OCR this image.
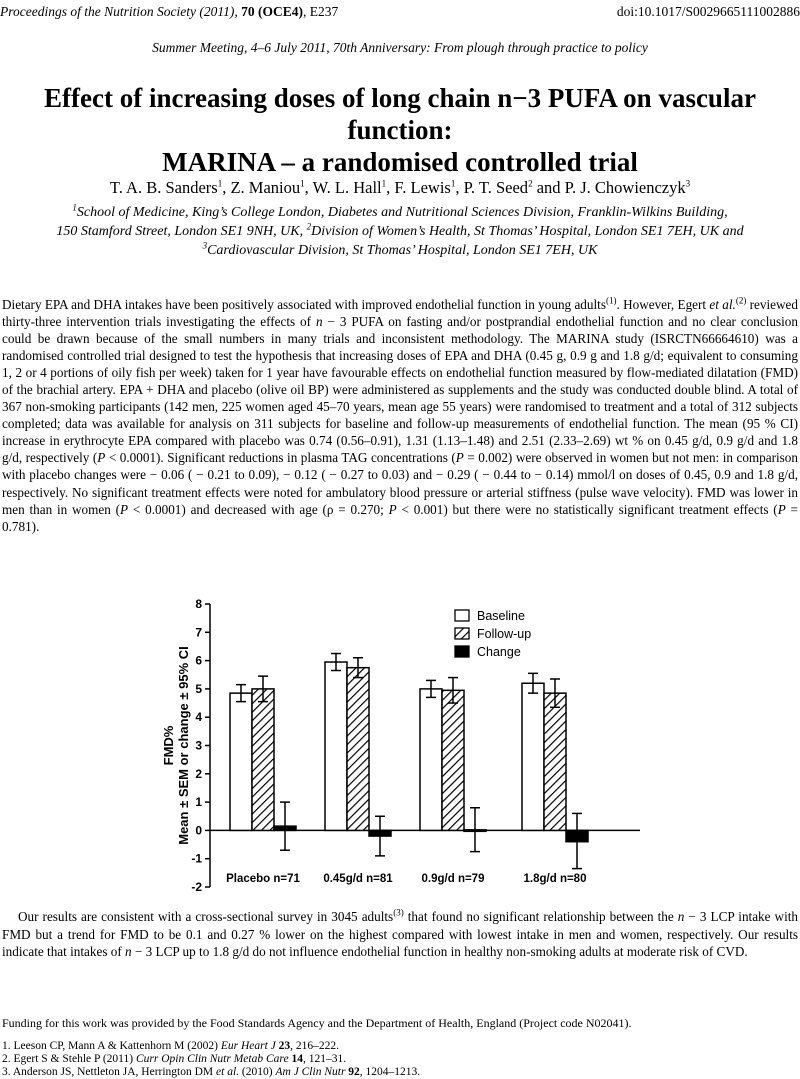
Proceedings of the Nutrition Society (2011), 70 (OCE4), E237	doi:10.1017/S0029665111002886
Summer Meeting, 4–6 July 2011, 70th Anniversary: From plough through practice to policy
Effect of increasing doses of long chain n−3 PUFA on vascular function:
MARINA – a randomised controlled trial
T. A. B. Sanders$^1$, Z. Maniou$^1$, W. L. Hall$^1$, F. Lewis$^1$, P. T. Seed$^2$ and P. J. Chowienczyk$^3$
$^1$School of Medicine, King’s College London, Diabetes and Nutritional Sciences Division, Franklin-Wilkins Building,
150 Stamford Street, London SE1 9NH, UK, $^2$Division of Women’s Health, St Thomas’ Hospital, London SE1 7EH, UK and
$^3$Cardiovascular Division, St Thomas’ Hospital, London SE1 7EH, UK

Dietary EPA and DHA intakes have been positively associated with improved endothelial function in young adults$^{(1)}$. However, Egert et al.$^{(2)}$ reviewed thirty-three intervention trials investigating the effects of n − 3 PUFA on fasting and/or postprandial endothelial function and no clear conclusion could be drawn because of the small numbers in many trials and inconsistent methodology. The MARINA study (ISRCTN66664610) was a randomised controlled trial designed to test the hypothesis that increasing doses of EPA and DHA (0.45 g, 0.9 g and 1.8 g/d; equivalent to consuming 1, 2 or 4 portions of oily fish per week) taken for 1 year have favourable effects on endothelial function measured by flow-mediated dilatation (FMD) of the brachial artery. EPA + DHA and placebo (olive oil BP) were administered as supplements and the study was conducted double blind. A total of 367 non-smoking participants (142 men, 225 women aged 45–70 years, mean age 55 years) were randomised to treatment and a total of 312 subjects completed; data was available for analysis on 311 subjects for baseline and follow-up measurements of endothelial function. The mean (95 % CI) increase in erythrocyte EPA compared with placebo was 0.74 (0.56–0.91), 1.31 (1.13–1.48) and 2.51 (2.33–2.69) wt % on 0.45 g/d, 0.9 g/d and 1.8 g/d, respectively (P < 0.0001). Significant reductions in plasma TAG concentrations (P = 0.002) were observed in women but not men: in comparison with placebo changes were − 0.06 ( − 0.21 to 0.09), − 0.12 ( − 0.27 to 0.03) and − 0.29 ( − 0.44 to − 0.14) mmol/l on doses of 0.45, 0.9 and 1.8 g/d, respectively. No significant treatment effects were noted for ambulatory blood pressure or arterial stiffness (pulse wave velocity). FMD was lower in men than in women (P < 0.0001) and decreased with age (ρ = 0.270; P < 0.001) but there were no statistically significant treatment effects (P = 0.781).

8
7
6
5
4
3
2
1
0
-1
-2
FMD% Mean ± SEM or change ± 95% CI
Placebo n=71 0.45g/d n=81	0.9g/d n=79	1.8g/d n=80
Baseline
Follow-up
Change
Our results are consistent with a cross-sectional survey in 3045 adults$^{(3)}$ that found no significant relationship between the n − 3 LCP intake with FMD but a trend for FMD to be 0.1 and 0.27 % lower on the highest compared with lowest intake in men and women, respectively. Our results indicate that intakes of n − 3 LCP up to 1.8 g/d do not influence endothelial function in healthy non-smoking adults at moderate risk of CVD.
Funding for this work was provided by the Food Standards Agency and the Department of Health, England (Project code N02041).
1. Leeson CP, Mann A & Kattenhorn M (2002) Eur Heart J 23, 216–222.
2. Egert S & Stehle P (2011) Curr Opin Clin Nutr Metab Care 14, 121–31.
3. Anderson JS, Nettleton JA, Herrington DM et al. (2010) Am J Clin Nutr 92, 1204–1213.
